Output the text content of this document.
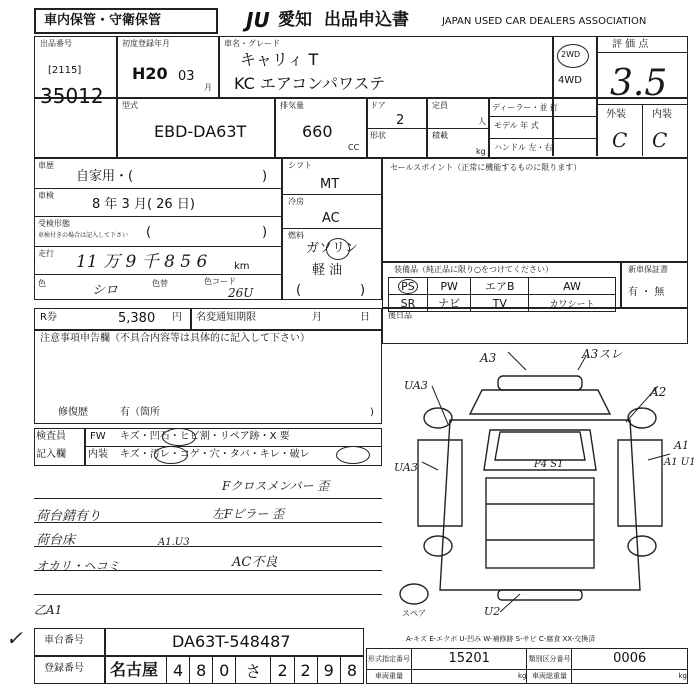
車内保管・守衛保管	JU 愛知 出品申込書	JAPAN USED CAR DEALERS ASSOCIATION
出品番号
[2115]
35012
初度登録年月
H20 03
月
車名・グレード
キャリィ T
KC エアコンパワステ
2WD
4WD
評 価 点
3.5
外装	内装
C C
型式
EBD-DA63T
排気量
660
CC
ドア
2
定員
人
形状	積載
kg
ディーラー・並 行
モデル 年 式
ハンドル 左・右
車歴
自家用・(	)
車検
8 年 3 月( 26 日)
受検形態
車検付きの場合は記入して下さい (	)
走行 11 万 9 千 8 5 6	km
色	シロ	色替	色コード
26U
シフト
MT
冷房
AC
燃料
ガソリン
軽 油
(	)
セールスポイント（正常に機能するものに限ります）
装備品（純正品に限り○をつけてください）
PS	PW	エアB	AW
SR	ナビ	TV	カワシート
新車保証書
有 ・ 無
R券	5,380 円 名変通知期限	月	日 後日品
注意事項申告欄（不具合内容等は具体的に記入して下さい）
修復歴	有（箇所	)
検査員
記入欄
FW キズ・凹石・ヒビ割・リペア跡・X 要
内装 キズ・汚レ・コゲ・穴・タバ・キレ・破レ
Fクロスメンバー 歪
左Fピラー 歪
荷台錆有り
荷台床
オカリ・ヘコミ
A1.U3
AC不良
乙A1
A3	A3スレ
A2
UA3
A1
UA3	A1 U1
P4 S1
U2
スペア
A-キズ E-エクボ U-凹み W-補修跡 S-サビ C-腐食 XX-交換済
✓ 車台番号	DA63T-548487
登録番号 名古屋 4	8	0	さ	2	2	9	8
形式指定番号	15201	類別区分番号	0006
車両重量	kg	車両総重量	kg
